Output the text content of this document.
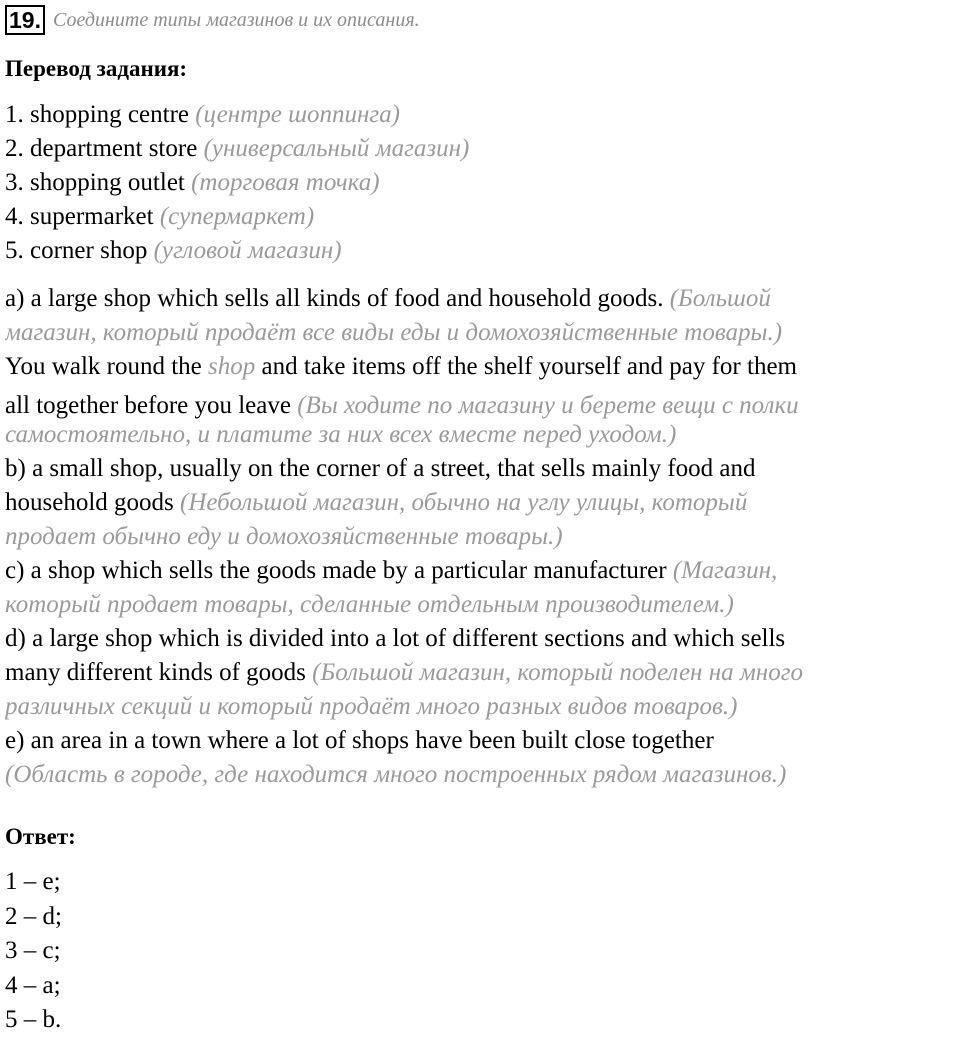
19. Соедините типы магазинов и их описания.
Перевод задания:
1. shopping centre (центре шоппинга)
2. department store (универсальный магазин)
3. shopping outlet (торговая точка)
4. supermarket (супермаркет)
5. corner shop (угловой магазин)
a) a large shop which sells all kinds of food and household goods. (Большой
магазин, который продаёт все виды еды и домохозяйственные товары.)
You walk round the shop and take items off the shelf yourself and pay for them
all together before you leave (Вы ходите по магазину и берете вещи с полки
самостоятельно, и платите за них всех вместе перед уходом.)
b) a small shop, usually on the corner of a street, that sells mainly food and
household goods (Небольшой магазин, обычно на углу улицы, который
продает обычно еду и домохозяйственные товары.)
c) a shop which sells the goods made by a particular manufacturer (Магазин,
который продает товары, сделанные отдельным производителем.)
d) a large shop which is divided into a lot of different sections and which sells
many different kinds of goods (Большой магазин, который поделен на много
различных секций и который продаёт много разных видов товаров.)
e) an area in a town where a lot of shops have been built close together
(Область в городе, где находится много построенных рядом магазинов.)
Ответ:
1 – e;
2 – d;
3 – c;
4 – a;
5 – b.
